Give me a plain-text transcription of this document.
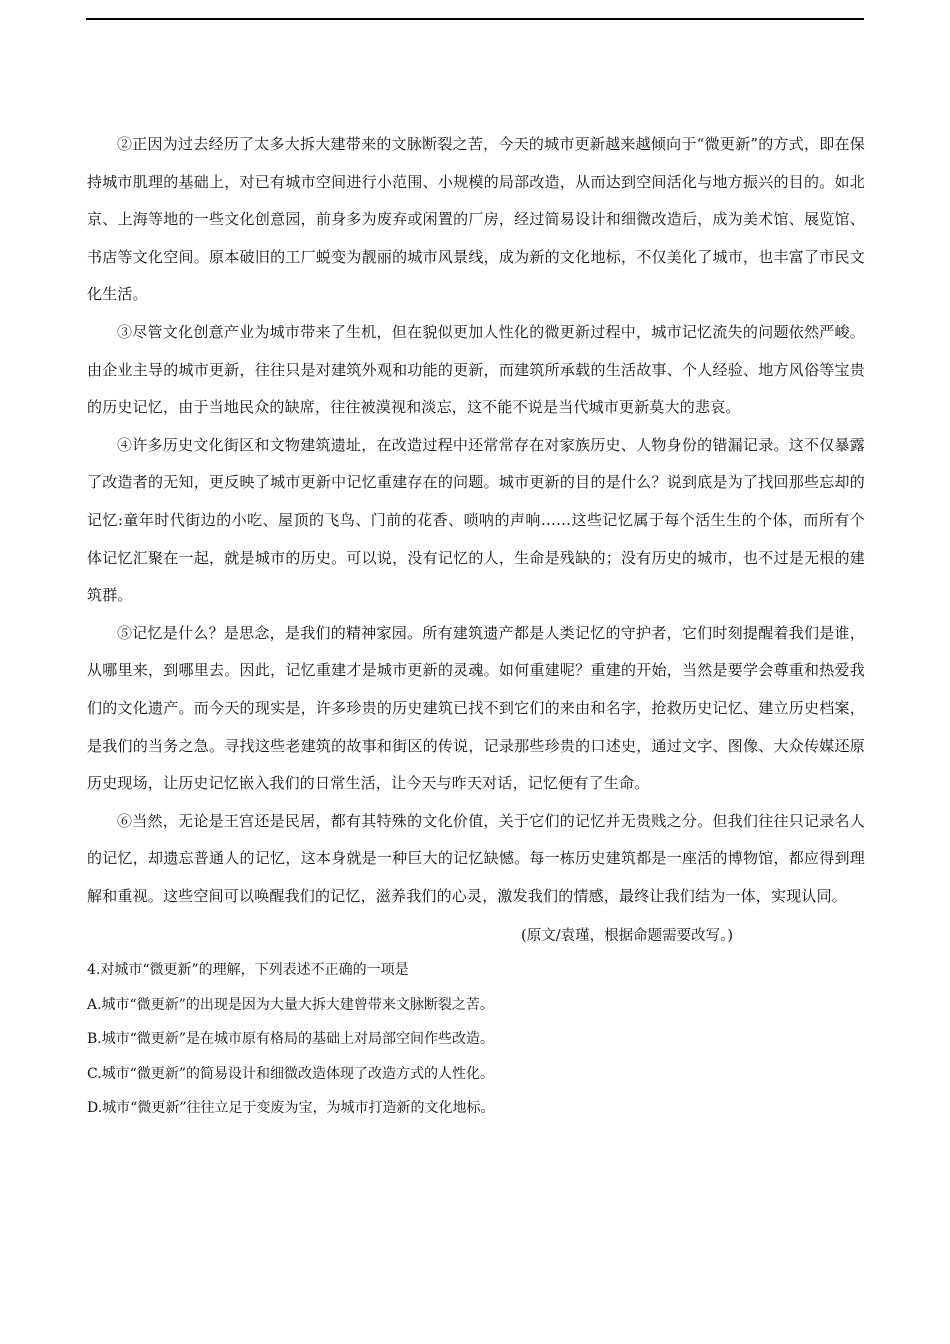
②正因为过去经历了太多大拆大建带来的文脉断裂之苦，今天的城市更新越来越倾向于“微更新”的方式，即在保持城市肌理的基础上，对已有城市空间进行小范围、小规模的局部改造，从而达到空间活化与地方振兴的目的。如北京、上海等地的一些文化创意园，前身多为废弃或闲置的厂房，经过简易设计和细微改造后，成为美术馆、展览馆、书店等文化空间。原本破旧的工厂蜕变为靓丽的城市风景线，成为新的文化地标，不仅美化了城市，也丰富了市民文化生活。

③尽管文化创意产业为城市带来了生机，但在貌似更加人性化的微更新过程中，城市记忆流失的问题依然严峻。由企业主导的城市更新，往往只是对建筑外观和功能的更新，而建筑所承载的生活故事、个人经验、地方风俗等宝贵的历史记忆，由于当地民众的缺席，往往被漠视和淡忘，这不能不说是当代城市更新莫大的悲哀。

④许多历史文化街区和文物建筑遗址，在改造过程中还常常存在对家族历史、人物身份的错漏记录。这不仅暴露了改造者的无知，更反映了城市更新中记忆重建存在的问题。城市更新的目的是什么？说到底是为了找回那些忘却的记忆:童年时代街边的小吃、屋顶的飞鸟、门前的花香、唢呐的声响……这些记忆属于每个活生生的个体，而所有个体记忆汇聚在一起，就是城市的历史。可以说，没有记忆的人，生命是残缺的；没有历史的城市，也不过是无根的建筑群。

⑤记忆是什么？是思念，是我们的精神家园。所有建筑遗产都是人类记忆的守护者，它们时刻提醒着我们是谁，从哪里来，到哪里去。因此，记忆重建才是城市更新的灵魂。如何重建呢？重建的开始，当然是要学会尊重和热爱我们的文化遗产。而今天的现实是，许多珍贵的历史建筑已找不到它们的来由和名字，抢救历史记忆、建立历史档案，是我们的当务之急。寻找这些老建筑的故事和街区的传说，记录那些珍贵的口述史，通过文字、图像、大众传媒还原历史现场，让历史记忆嵌入我们的日常生活，让今天与昨天对话，记忆便有了生命。

⑥当然，无论是王宫还是民居，都有其特殊的文化价值，关于它们的记忆并无贵贱之分。但我们往往只记录名人的记忆，却遗忘普通人的记忆，这本身就是一种巨大的记忆缺憾。每一栋历史建筑都是一座活的博物馆，都应得到理解和重视。这些空间可以唤醒我们的记忆，滋养我们的心灵，激发我们的情感，最终让我们结为一体，实现认同。

(原文/袁瑾，根据命题需要改写。)

4.对城市“微更新”的理解，下列表述不正确的一项是

A.城市“微更新”的出现是因为大量大拆大建曾带来文脉断裂之苦。

B.城市“微更新”是在城市原有格局的基础上对局部空间作些改造。

C.城市“微更新”的简易设计和细微改造体现了改造方式的人性化。

D.城市“微更新”往往立足于变废为宝，为城市打造新的文化地标。
